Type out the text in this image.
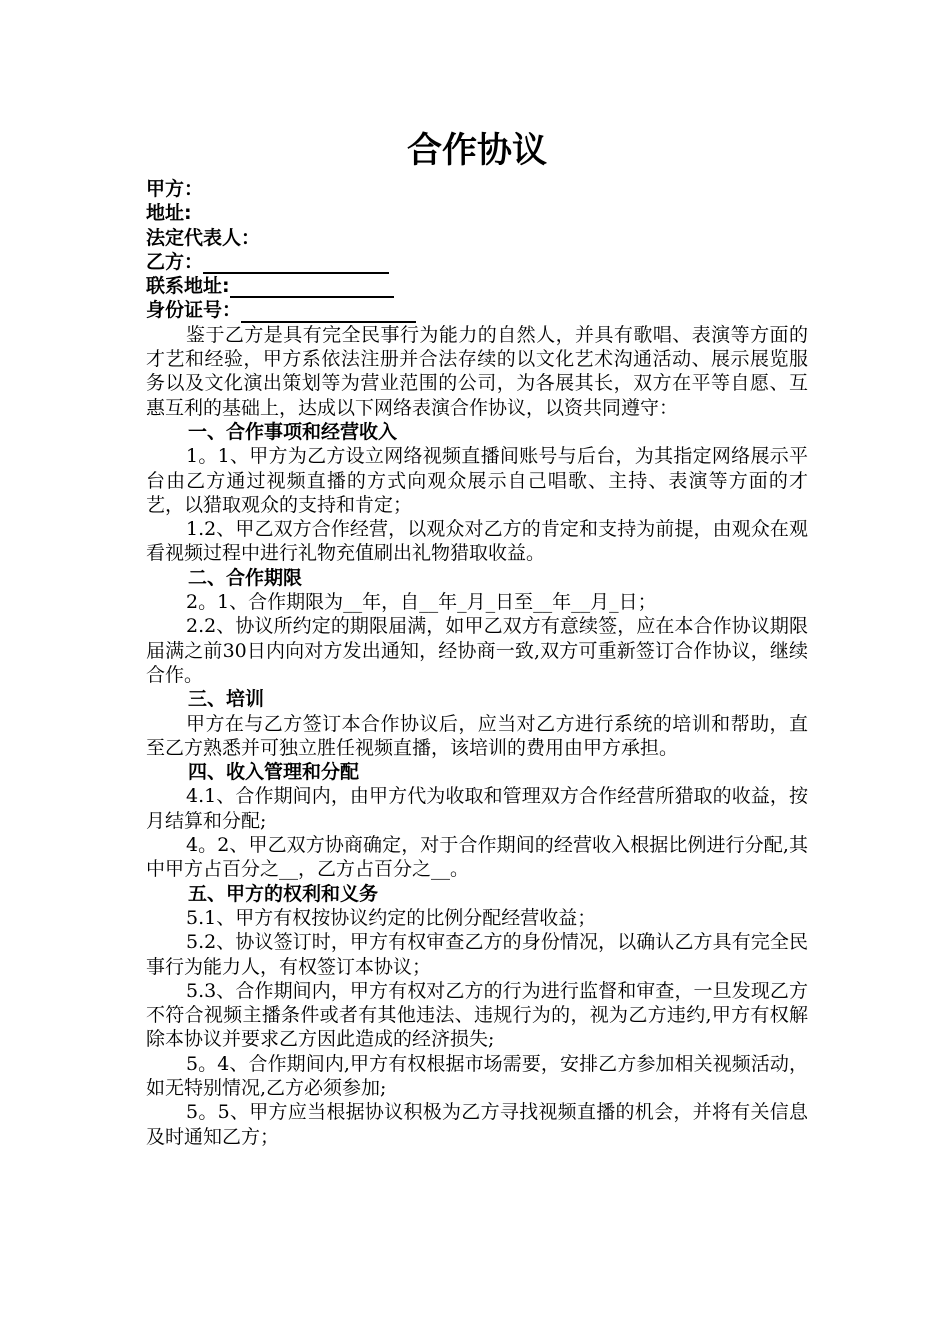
合作协议
甲方：
地址:
法定代表人：
乙方：
联系地址:
身份证号：

鉴于乙方是具有完全民事行为能力的自然人，并具有歌唱、表演等方面的才艺和经验，甲方系依法注册并合法存续的以文化艺术沟通活动、展示展览服务以及文化演出策划等为营业范围的公司，为各展其长，双方在平等自愿、互惠互利的基础上，达成以下网络表演合作协议，以资共同遵守：

一、合作事项和经营收入

1。1、甲方为乙方设立网络视频直播间账号与后台，为其指定网络展示平台由乙方通过视频直播的方式向观众展示自己唱歌、主持、表演等方面的才艺，以猎取观众的支持和肯定；

1.2、甲乙双方合作经营，以观众对乙方的肯定和支持为前提，由观众在观看视频过程中进行礼物充值刷出礼物猎取收益。

二、合作期限

2。1、合作期限为__年，自__年_月_日至__年__月_日；

2.2、协议所约定的期限届满，如甲乙双方有意续签，应在本合作协议期限届满之前30日内向对方发出通知，经协商一致,双方可重新签订合作协议，继续合作。

三、培训

甲方在与乙方签订本合作协议后，应当对乙方进行系统的培训和帮助，直至乙方熟悉并可独立胜任视频直播，该培训的费用由甲方承担。

四、收入管理和分配

4.1、合作期间内，由甲方代为收取和管理双方合作经营所猎取的收益，按月结算和分配;

4。2、甲乙双方协商确定，对于合作期间的经营收入根据比例进行分配,其中甲方占百分之__，乙方占百分之__。

五、甲方的权利和义务

5.1、甲方有权按协议约定的比例分配经营收益；

5.2、协议签订时，甲方有权审查乙方的身份情况，以确认乙方具有完全民事行为能力人，有权签订本协议；

5.3、合作期间内，甲方有权对乙方的行为进行监督和审查，一旦发现乙方不符合视频主播条件或者有其他违法、违规行为的，视为乙方违约,甲方有权解除本协议并要求乙方因此造成的经济损失;

5。4、合作期间内,甲方有权根据市场需要，安排乙方参加相关视频活动，如无特别情况,乙方必须参加;

5。5、甲方应当根据协议积极为乙方寻找视频直播的机会，并将有关信息及时通知乙方；
